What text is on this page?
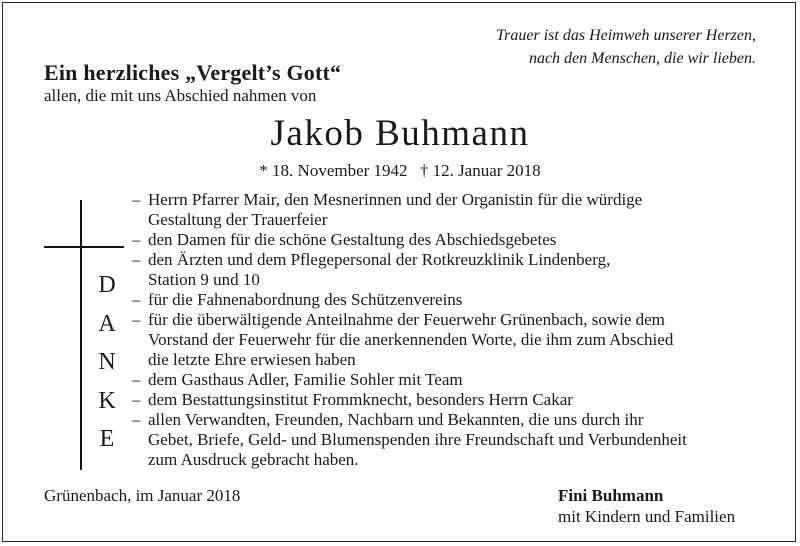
Trauer ist das Heimweh unserer Herzen,
nach den Menschen, die wir lieben.
Ein herzliches „Vergelt’s Gott“
allen, die mit uns Abschied nahmen von
Jakob Buhmann
* 18. November 1942 † 12. Januar 2018
D
A
N
K
E
– Herrn Pfarrer Mair, den Mesnerinnen und der Organistin für die würdige
Gestaltung der Trauerfeier
– den Damen für die schöne Gestaltung des Abschiedsgebetes
– den Ärzten und dem Pflegepersonal der Rotkreuzklinik Lindenberg,
Station 9 und 10
– für die Fahnenabordnung des Schützenvereins
– für die überwältigende Anteilnahme der Feuerwehr Grünenbach, sowie dem
Vorstand der Feuerwehr für die anerkennenden Worte, die ihm zum Abschied
die letzte Ehre erwiesen haben
– dem Gasthaus Adler, Familie Sohler mit Team
– dem Bestattungsinstitut Frommknecht, besonders Herrn Cakar
– allen Verwandten, Freunden, Nachbarn und Bekannten, die uns durch ihr
Gebet, Briefe, Geld- und Blumenspenden ihre Freundschaft und Verbundenheit
zum Ausdruck gebracht haben.
Grünenbach, im Januar 2018	Fini Buhmann
mit Kindern und Familien
